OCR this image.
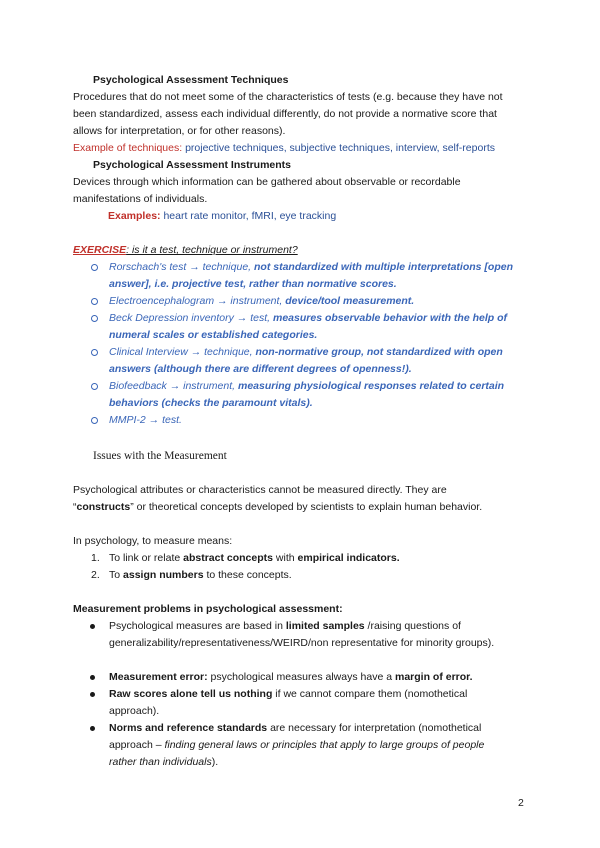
Psychological Assessment Techniques
Procedures that do not meet some of the characteristics of tests (e.g. because they have not
been standardized, assess each individual differently, do not provide a normative score that
allows for interpretation, or for other reasons).
Example of techniques: projective techniques, subjective techniques, interview, self-reports
Psychological Assessment Instruments
Devices through which information can be gathered about observable or recordable
manifestations of individuals.
Examples: heart rate monitor, fMRI, eye tracking
EXERCISE: is it a test, technique or instrument?
Rorschach's test → technique, not standardized with multiple interpretations [open
answer], i.e. projective test, rather than normative scores.
Electroencephalogram → instrument, device/tool measurement.
Beck Depression inventory → test, measures observable behavior with the help of
numeral scales or established categories.
Clinical Interview → technique, non-normative group, not standardized with open
answers (although there are different degrees of openness!).
Biofeedback → instrument, measuring physiological responses related to certain
behaviors (checks the paramount vitals).
MMPI-2 → test.
Issues with the Measurement
Psychological attributes or characteristics cannot be measured directly. They are
“constructs” or theoretical concepts developed by scientists to explain human behavior.
In psychology, to measure means:
1. To link or relate abstract concepts with empirical indicators.
2. To assign numbers to these concepts.
Measurement problems in psychological assessment:
Psychological measures are based in limited samples /raising questions of
generalizability/representativeness/WEIRD/non representative for minority groups).
Measurement error: psychological measures always have a margin of error.
Raw scores alone tell us nothing if we cannot compare them (nomothetical
approach).
Norms and reference standards are necessary for interpretation (nomothetical
approach – finding general laws or principles that apply to large groups of people
rather than individuals).
2
